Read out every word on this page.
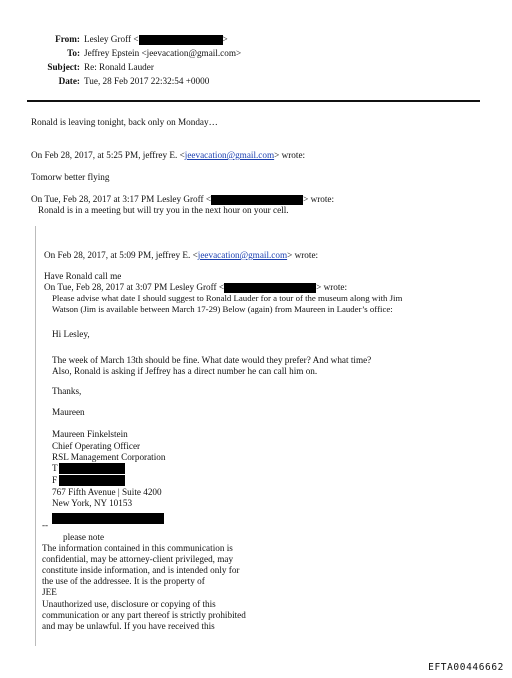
From: Lesley Groff <	>
To: Jeffrey Epstein <jeevacation@gmail.com>
Subject: Re: Ronald Lauder
Date: Tue, 28 Feb 2017 22:32:54 +0000
Ronald is leaving tonight, back only on Monday…
On Feb 28, 2017, at 5:25 PM, jeffrey E. <jeevacation@gmail.com> wrote:
Tomorw better flying
On Tue, Feb 28, 2017 at 3:17 PM Lesley Groff <	> wrote:
Ronald is in a meeting but will try you in the next hour on your cell.
On Feb 28, 2017, at 5:09 PM, jeffrey E. <jeevacation@gmail.com> wrote:
Have Ronald call me
On Tue, Feb 28, 2017 at 3:07 PM Lesley Groff <	> wrote:
Please advise what date I should suggest to Ronald Lauder for a tour of the museum along with Jim
Watson (Jim is available between March 17-29) Below (again) from Maureen in Lauder’s office:
Hi Lesley,
The week of March 13th should be fine. What date would they prefer? And what time?
Also, Ronald is asking if Jeffrey has a direct number he can call him on.
Thanks,
Maureen
Maureen Finkelstein
Chief Operating Officer
RSL Management Corporation
T
F
767 Fifth Avenue | Suite 4200
New York, NY 10153
--
please note
The information contained in this communication is
confidential, may be attorney-client privileged, may
constitute inside information, and is intended only for
the use of the addressee. It is the property of
JEE
Unauthorized use, disclosure or copying of this
communication or any part thereof is strictly prohibited
and may be unlawful. If you have received this
EFTA00446662
